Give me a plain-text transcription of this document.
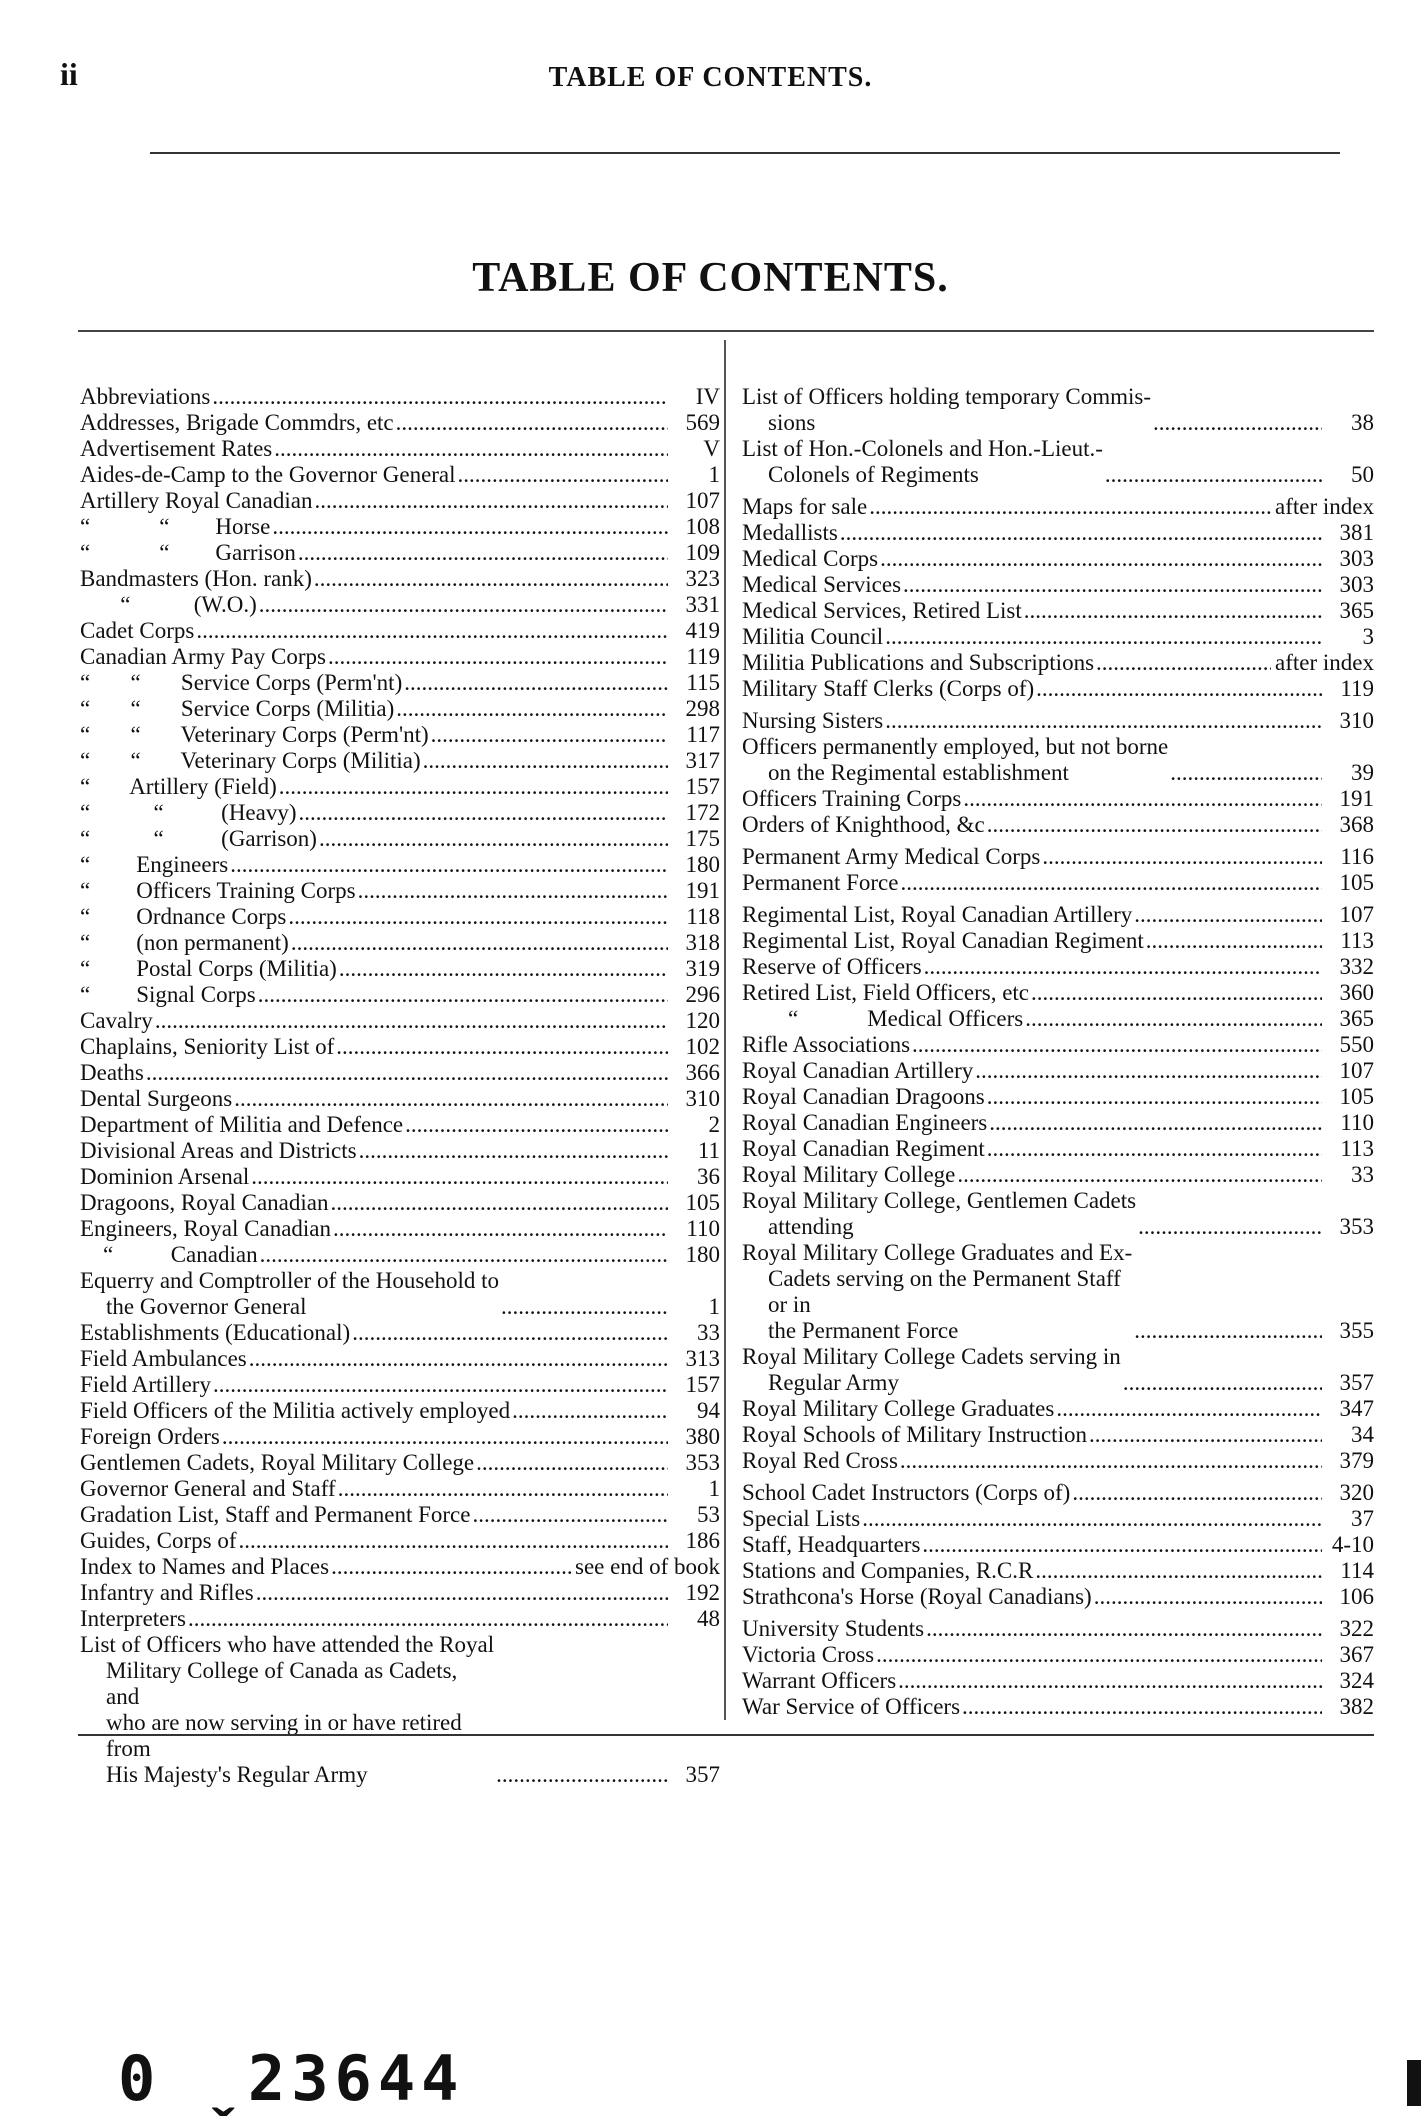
ii	TABLE OF CONTENTS.
TABLE OF CONTENTS.
Abbreviations .....	IV
Addresses, Brigade Commdrs, etc .....	569
Advertisement Rates .....	V
Aides-de-Camp to the Governor General .....	1
Artillery Royal Canadian .....	107
“            “        Horse .....	108
“            “        Garrison .....	109
Bandmasters (Hon. rank) .....	323
“           (W.O.) .....	331
Cadet Corps .....	419
Canadian Army Pay Corps .....	119
“       “       Service Corps (Perm'nt) .....	115
“       “       Service Corps (Militia) .....	298
“       “       Veterinary Corps (Perm'nt) .....	117
“       “       Veterinary Corps (Militia) .....	317
“       Artillery (Field) .....	157
“           “          (Heavy) .....	172
“           “          (Garrison) .....	175
“        Engineers .....	180
“        Officers Training Corps .....	191
“        Ordnance Corps .....	118
“        (non permanent) .....	318
“        Postal Corps (Militia) .....	319
“        Signal Corps .....	296
Cavalry .....	120
Chaplains, Seniority List of .....	102
Deaths .....	366
Dental Surgeons .....	310
Department of Militia and Defence .....	2
Divisional Areas and Districts .....	11
Dominion Arsenal .....	36
Dragoons, Royal Canadian .....	105
Engineers, Royal Canadian .....	110
“          Canadian .....	180
Equerry and Comptroller of the Household to
the Governor General .....	1
Establishments (Educational) .....	33
Field Ambulances .....	313
Field Artillery .....	157
Field Officers of the Militia actively employed .....	94
Foreign Orders .....	380
Gentlemen Cadets, Royal Military College .....	353
Governor General and Staff .....	1
Gradation List, Staff and Permanent Force .....	53
Guides, Corps of .....	186
Index to Names and Places .....	see end of book
Infantry and Rifles .....	192
Interpreters .....	48
List of Officers who have attended the Royal
Military College of Canada as Cadets, and
who are now serving in or have retired from
His Majesty's Regular Army .....	357
List of Officers holding temporary Commis-
sions .....	38
List of Hon.-Colonels and Hon.-Lieut.-
Colonels of Regiments .....	50
Maps for sale .....	after index
Medallists .....	381
Medical Corps .....	303
Medical Services .....	303
Medical Services, Retired List .....	365
Militia Council .....	3
Militia Publications and Subscriptions .....	after index
Military Staff Clerks (Corps of) .....	119
Nursing Sisters .....	310
Officers permanently employed, but not borne
on the Regimental establishment .....	39
Officers Training Corps .....	191
Orders of Knighthood, &c .....	368
Permanent Army Medical Corps .....	116
Permanent Force .....	105
Regimental List, Royal Canadian Artillery .....	107
Regimental List, Royal Canadian Regiment .....	113
Reserve of Officers .....	332
Retired List, Field Officers, etc .....	360
“            Medical Officers .....	365
Rifle Associations .....	550
Royal Canadian Artillery .....	107
Royal Canadian Dragoons .....	105
Royal Canadian Engineers .....	110
Royal Canadian Regiment .....	113
Royal Military College .....	33
Royal Military College, Gentlemen Cadets
attending .....	353
Royal Military College Graduates and Ex-
Cadets serving on the Permanent Staff or in
the Permanent Force .....	355
Royal Military College Cadets serving in
Regular Army .....	357
Royal Military College Graduates .....	347
Royal Schools of Military Instruction .....	34
Royal Red Cross .....	379
School Cadet Instructors (Corps of) .....	320
Special Lists .....	37
Staff, Headquarters .....	4-10
Stations and Companies, R.C.R .....	114
Strathcona's Horse (Royal Canadians) .....	106
University Students .....	322
Victoria Cross .....	367
Warrant Officers .....	324
War Service of Officers .....	382
0 ˬ23644
